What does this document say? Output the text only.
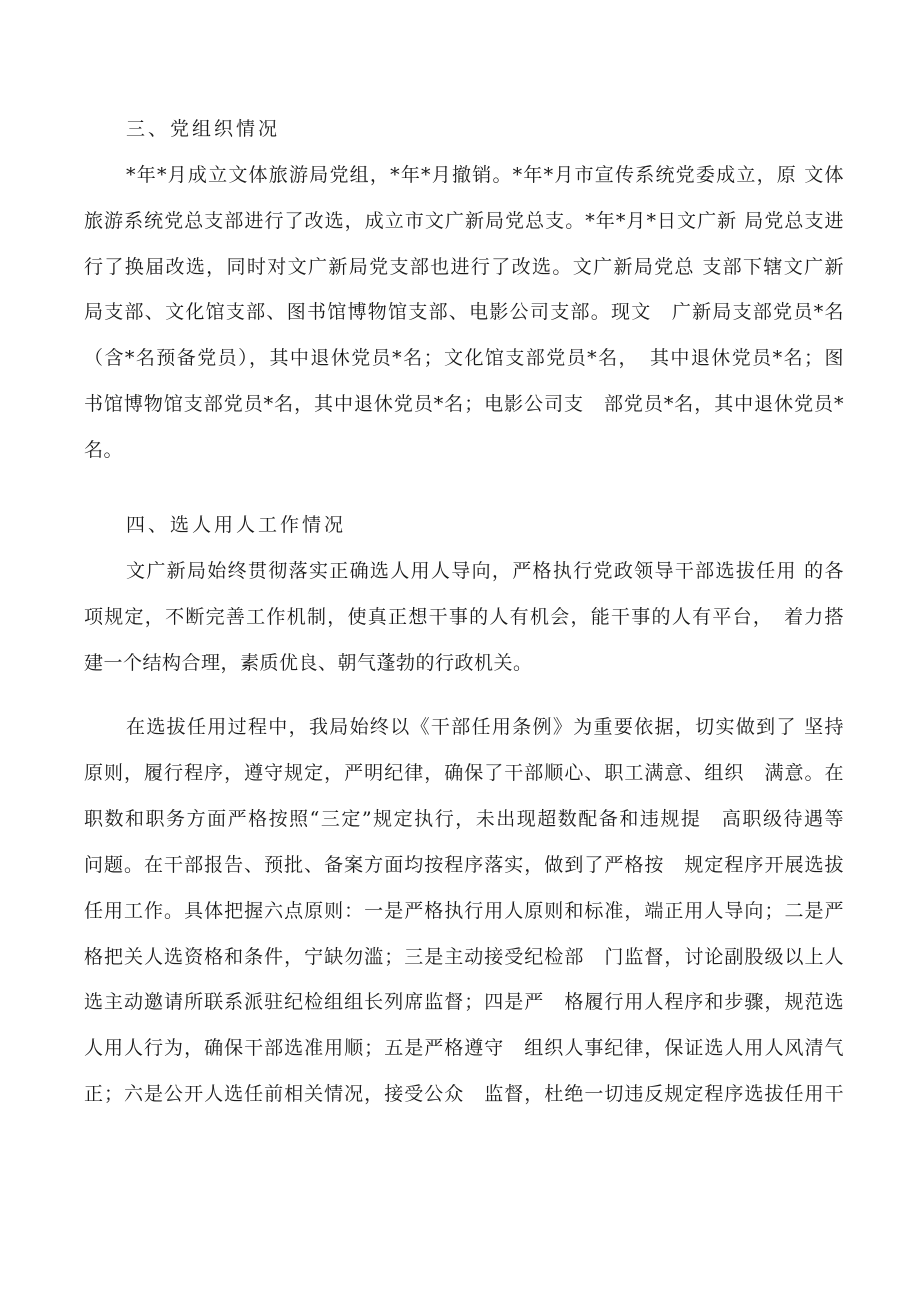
三、党组织情况
*年*月成立文体旅游局党组，*年*月撤销。*年*月市宣传系统党委成立，原 文体
旅游系统党总支部进行了改选，成立市文广新局党总支。*年*月*日文广新 局党总支进
行了换届改选，同时对文广新局党支部也进行了改选。文广新局党总 支部下辖文广新
局支部、文化馆支部、图书馆博物馆支部、电影公司支部。现文　广新局支部党员*名
（含*名预备党员），其中退休党员*名；文化馆支部党员*名，　其中退休党员*名；图
书馆博物馆支部党员*名，其中退休党员*名；电影公司支　部党员*名，其中退休党员*
名。
四、选人用人工作情况
文广新局始终贯彻落实正确选人用人导向，严格执行党政领导干部选拔任用 的各
项规定，不断完善工作机制，使真正想干事的人有机会，能干事的人有平台，　着力搭
建一个结构合理，素质优良、朝气蓬勃的行政机关。
在选拔任用过程中，我局始终以《干部任用条例》为重要依据，切实做到了 坚持
原则，履行程序，遵守规定，严明纪律，确保了干部顺心、职工满意、组织　满意。在
职数和职务方面严格按照“三定”规定执行，未出现超数配备和违规提　高职级待遇等
问题。在干部报告、预批、备案方面均按程序落实，做到了严格按　规定程序开展选拔
任用工作。具体把握六点原则：一是严格执行用人原则和标准，端正用人导向；二是严
格把关人选资格和条件，宁缺勿滥；三是主动接受纪检部　门监督，讨论副股级以上人
选主动邀请所联系派驻纪检组组长列席监督；四是严　格履行用人程序和步骤，规范选
人用人行为，确保干部选准用顺；五是严格遵守　组织人事纪律，保证选人用人风清气
正；六是公开人选任前相关情况，接受公众　监督，杜绝一切违反规定程序选拔任用干
